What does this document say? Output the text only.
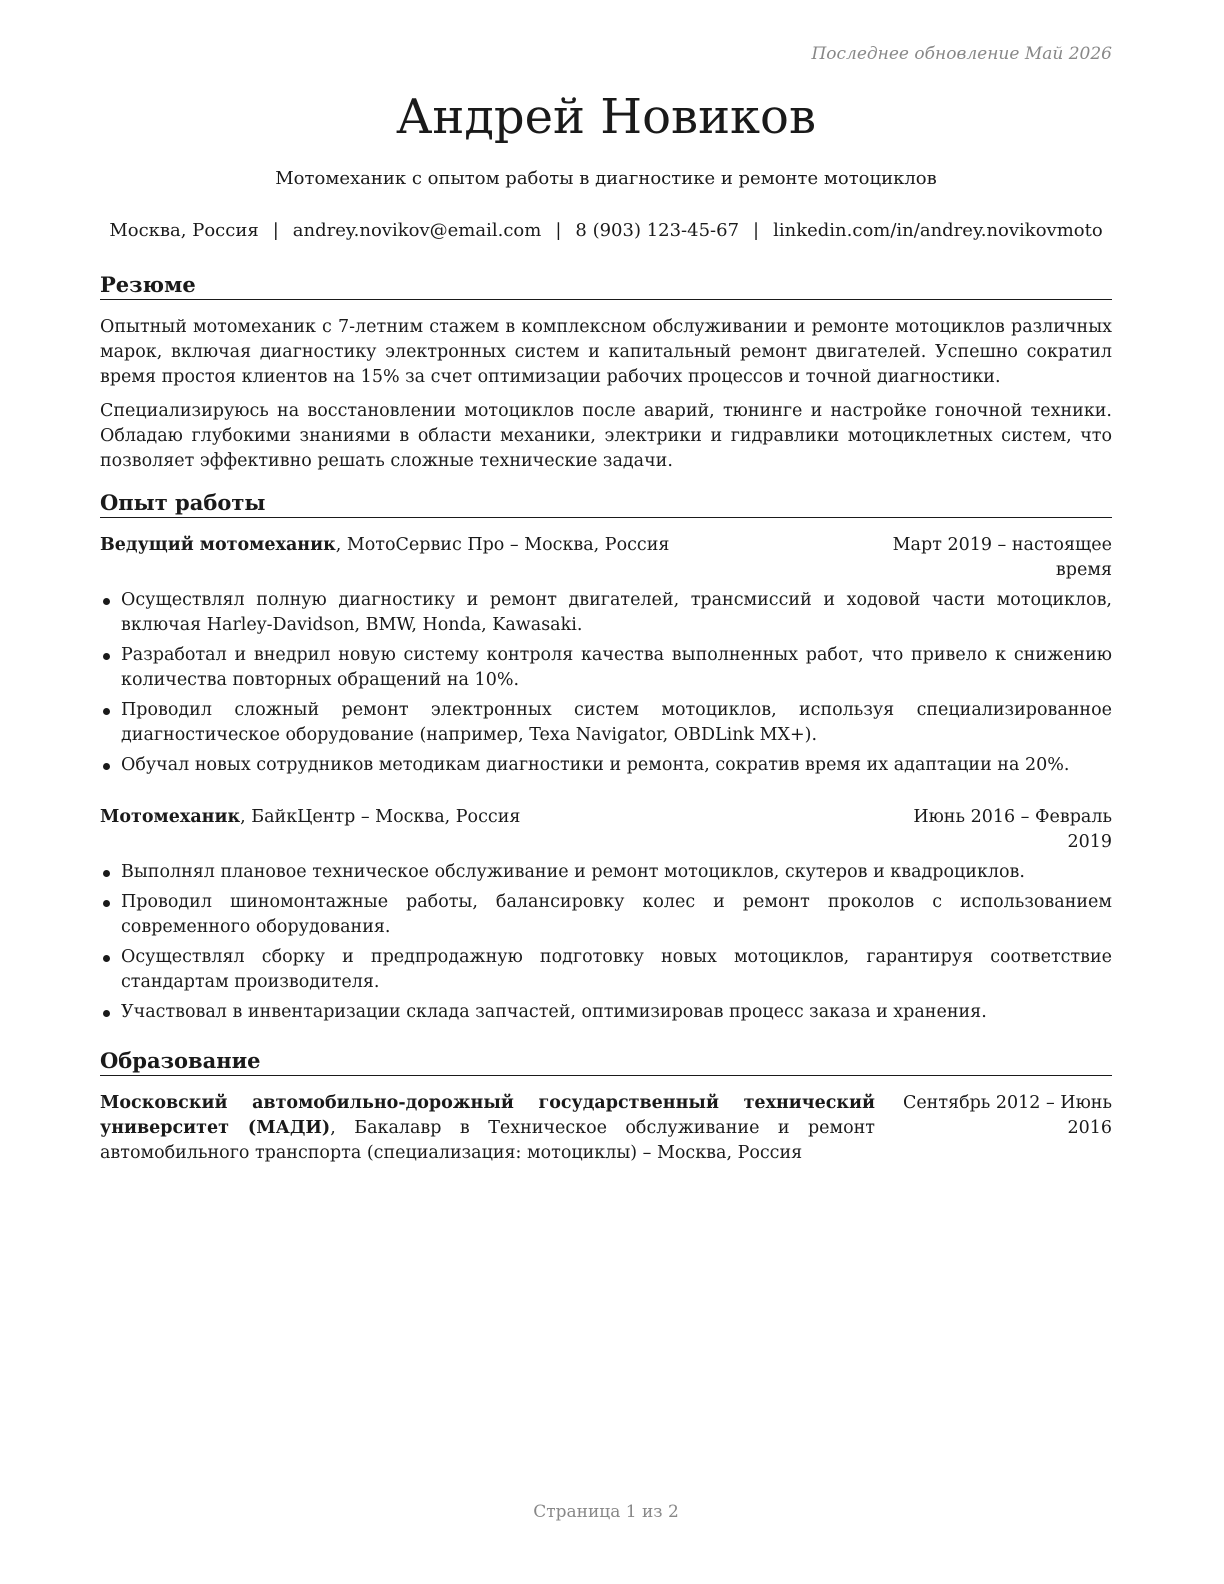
Последнее обновление Май 2026
Андрей Новиков
Мотомеханик с опытом работы в диагностике и ремонте мотоциклов
Москва, Россия | andrey.novikov@email.com | 8 (903) 123-45-67 | linkedin.com/in/andrey.novikovmoto
Резюме

Опытный мотомеханик с 7-летним стажем в комплексном обслуживании и ремонте мотоциклов различных марок, включая диагностику электронных систем и капитальный ремонт двигателей. Успешно сократил время простоя клиентов на 15% за счет оптимизации рабочих процессов и точной диагностики.

Специализируюсь на восстановлении мотоциклов после аварий, тюнинге и настройке гоночной техники. Обладаю глубокими знаниями в области механики, электрики и гидравлики мотоциклетных систем, что позволяет эффективно решать сложные технические задачи.

Опыт работы
Ведущий мотомеханик, МотоСервис Про – Москва, Россия	Март 2019 – настоящее время
Осуществлял полную диагностику и ремонт двигателей, трансмиссий и ходовой части мотоциклов, включая Harley-Davidson, BMW, Honda, Kawasaki.
Разработал и внедрил новую систему контроля качества выполненных работ, что привело к снижению количества повторных обращений на 10%.
Проводил сложный ремонт электронных систем мотоциклов, используя специализированное диагностическое оборудование (например, Texa Navigator, OBDLink MX+).
Обучал новых сотрудников методикам диагностики и ремонта, сократив время их адаптации на 20%.
Мотомеханик, БайкЦентр – Москва, Россия	Июнь 2016 – Февраль 2019
Выполнял плановое техническое обслуживание и ремонт мотоциклов, скутеров и квадроциклов.
Проводил шиномонтажные работы, балансировку колес и ремонт проколов с использованием современного оборудования.
Осуществлял сборку и предпродажную подготовку новых мотоциклов, гарантируя соответствие стандартам производителя.
Участвовал в инвентаризации склада запчастей, оптимизировав процесс заказа и хранения.
Образование
Московский автомобильно-дорожный государственный технический университет (МАДИ), Бакалавр в Техническое обслуживание и ремонт автомобильного транспорта (специализация: мотоциклы) – Москва, Россия
Сентябрь 2012 – Июнь 2016
Страница 1 из 2
